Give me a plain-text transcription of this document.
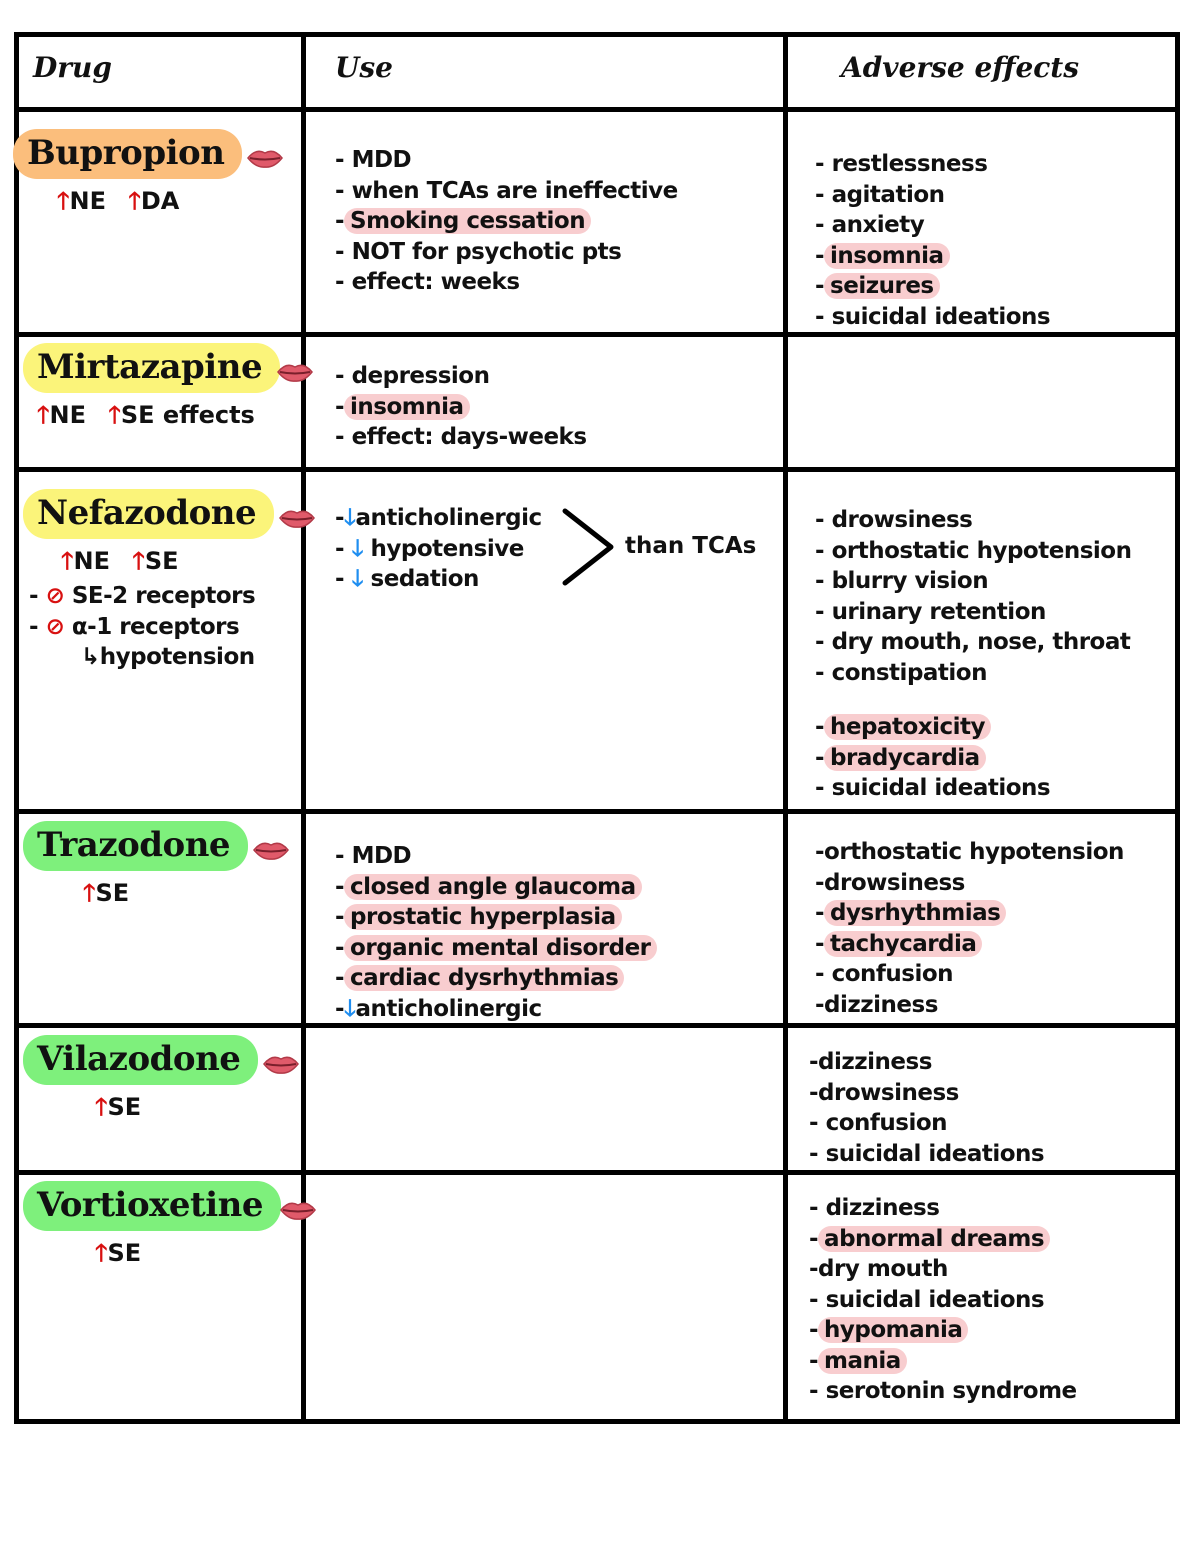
Drug	Use	Adverse effects
Bupropion
🡑NE 🡑DA
- MDD
- when TCAs are ineffective
- Smoking cessation
- NOT for psychotic pts
- effect: weeks
- restlessness
- agitation
- anxiety
- insomnia
- seizures
- suicidal ideations
Mirtazapine
🡑NE 🡑SE effects
- depression
- insomnia
- effect: days-weeks
Nefazodone
🡑NE 🡑SE
- ⊘ SE-2 receptors
- ⊘ α-1 receptors
↳hypotension
-🡓anticholinergic
- 🡓 hypotensive
- 🡓 sedation
than TCAs
- drowsiness
- orthostatic hypotension
- blurry vision
- urinary retention
- dry mouth, nose, throat
- constipation
- hepatoxicity
- bradycardia
- suicidal ideations
Trazodone
🡑SE
- MDD
- closed angle glaucoma
- prostatic hyperplasia
- organic mental disorder
- cardiac dysrhythmias
-🡓anticholinergic
-orthostatic hypotension
-drowsiness
- dysrhythmias
- tachycardia
- confusion
-dizziness
Vilazodone
🡑SE
-dizziness
-drowsiness
- confusion
- suicidal ideations
Vortioxetine
🡑SE
- dizziness
- abnormal dreams
-dry mouth
- suicidal ideations
- hypomania
- mania
- serotonin syndrome
